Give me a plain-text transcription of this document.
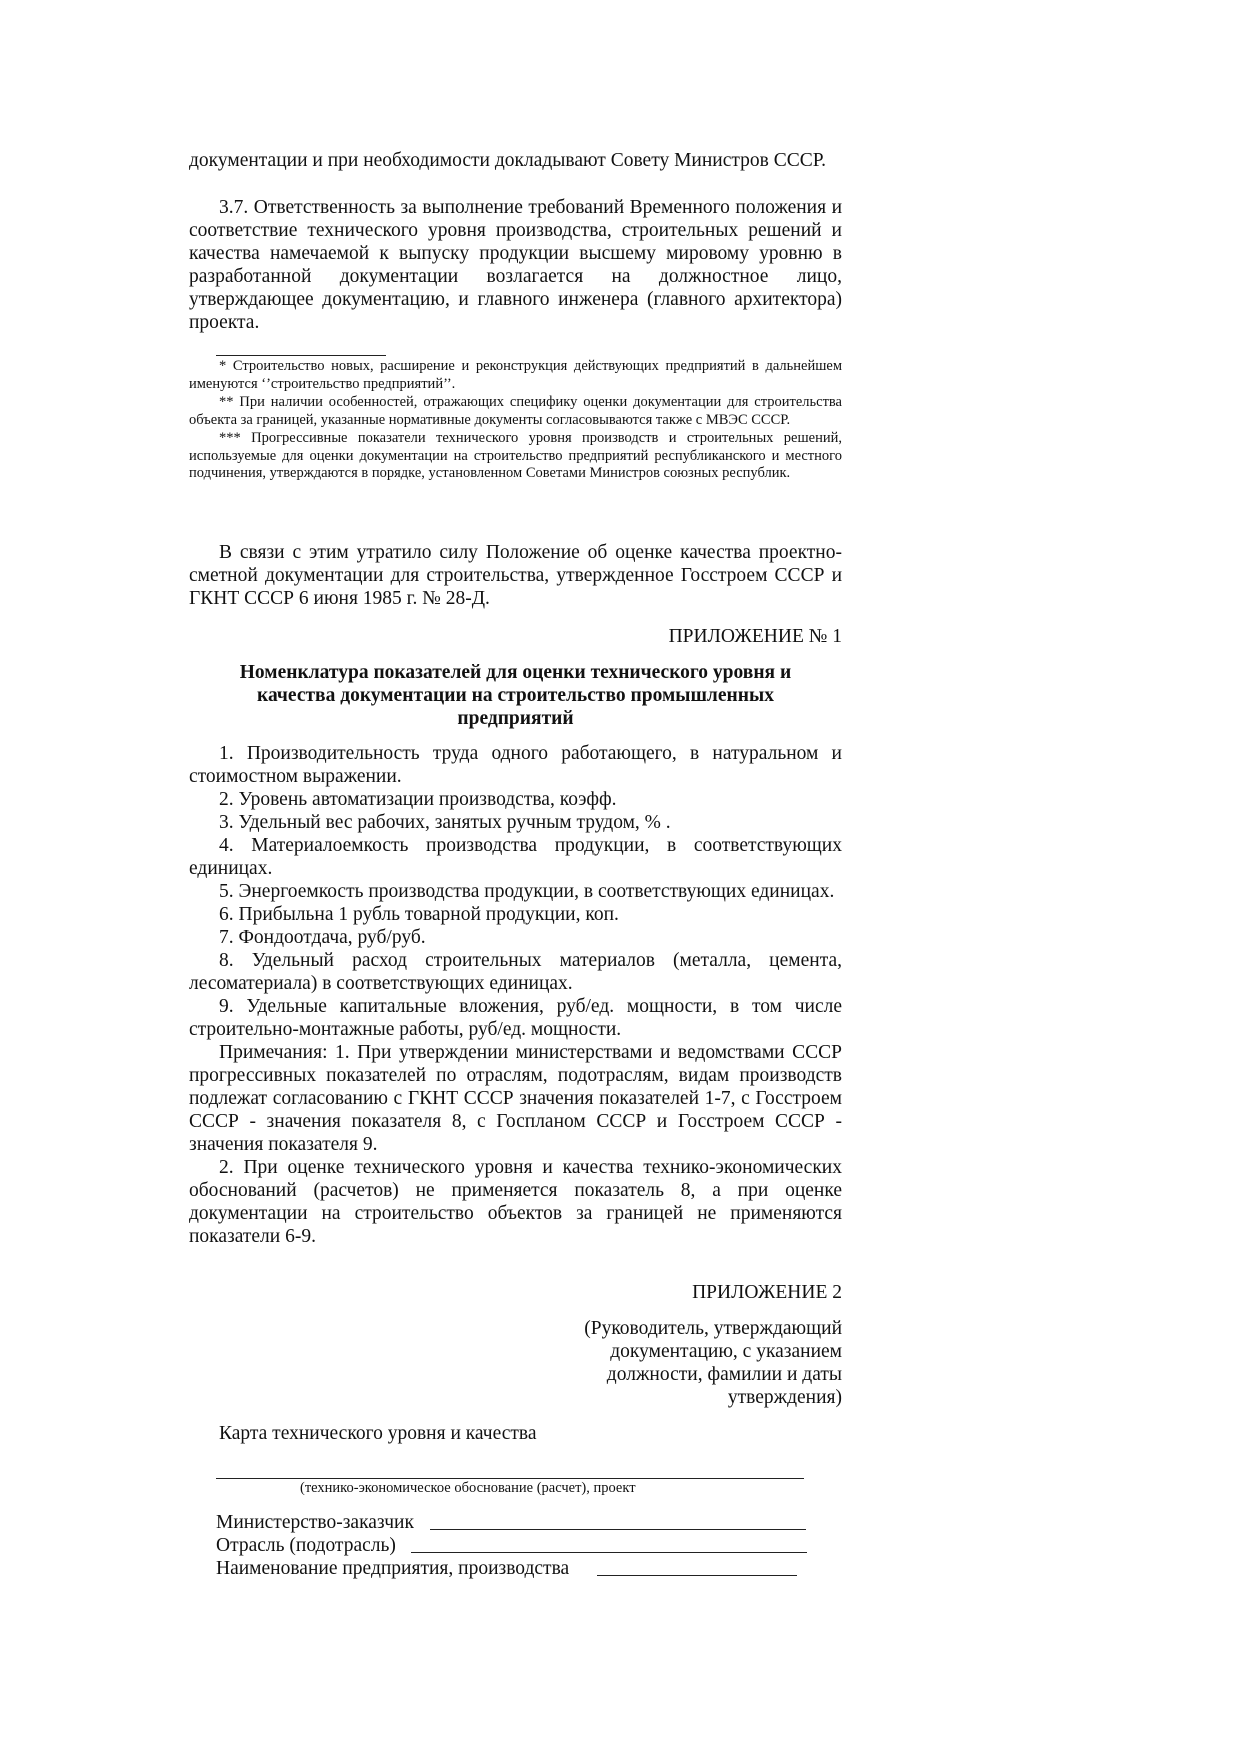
документации и при необходимости докладывают Совету Министров СССР.

3.7. Ответственность за выполнение требований Временного положения и соответствие технического уровня производства, строительных решений и качества намечаемой к выпуску продукции высшему мировому уровню в разработанной документации возлагается на должностное лицо, утверждающее документацию, и главного инженера (главного архитектора) проекта.

* Строительство новых, расширение и реконструкция действующих предприятий в дальнейшем именуются ‘’строительство предприятий’’.

** При наличии особенностей, отражающих специфику оценки документации для строительства объекта за границей, указанные нормативные документы согласовываются также с МВЭС СССР.

*** Прогрессивные показатели технического уровня производств и строительных решений, используемые для оценки документации на строительство предприятий республиканского и местного подчинения, утверждаются в порядке, установленном Советами Министров союзных республик.

В связи с этим утратило силу Положение об оценке качества проектно-сметной документации для строительства, утвержденное Госстроем СССР и ГКНТ СССР 6 июня 1985 г. № 28-Д.

ПРИЛОЖЕНИЕ № 1

Номенклатура показателей для оценки технического уровня и

качества документации на строительство промышленных

предприятий

1. Производительность труда одного работающего, в натуральном и стоимостном выражении.

2. Уровень автоматизации производства, коэфф.

3. Удельный вес рабочих, занятых ручным трудом, % .

4. Материалоемкость производства продукции, в соответствующих единицах.

5. Энергоемкость производства продукции, в соответствующих единицах.

6. Прибыльна 1 рубль товарной продукции, коп.

7. Фондоотдача, руб/руб.

8. Удельный расход строительных материалов (металла, цемента, лесоматериала) в соответствующих единицах.

9. Удельные капитальные вложения, руб/ед. мощности, в том числе строительно-монтажные работы, руб/ед. мощности.

Примечания: 1. При утверждении министерствами и ведомствами СССР прогрессивных показателей по отраслям, подотраслям, видам производств подлежат согласованию с ГКНТ СССР значения показателей 1-7, с Госстроем СССР - значения показателя 8, с Госпланом СССР и Госстроем СССР - значения показателя 9.

2. При оценке технического уровня и качества технико-экономических обоснований (расчетов) не применяется показатель 8, а при оценке документации на строительство объектов за границей не применяются показатели 6-9.

ПРИЛОЖЕНИЕ 2

(Руководитель, утверждающий

документацию, с указанием

должности, фамилии и даты

утверждения)

Карта технического уровня и качества

(технико-экономическое обоснование (расчет), проект

Министерство-заказчик
Отрасль (подотрасль)
Наименование предприятия, производства
